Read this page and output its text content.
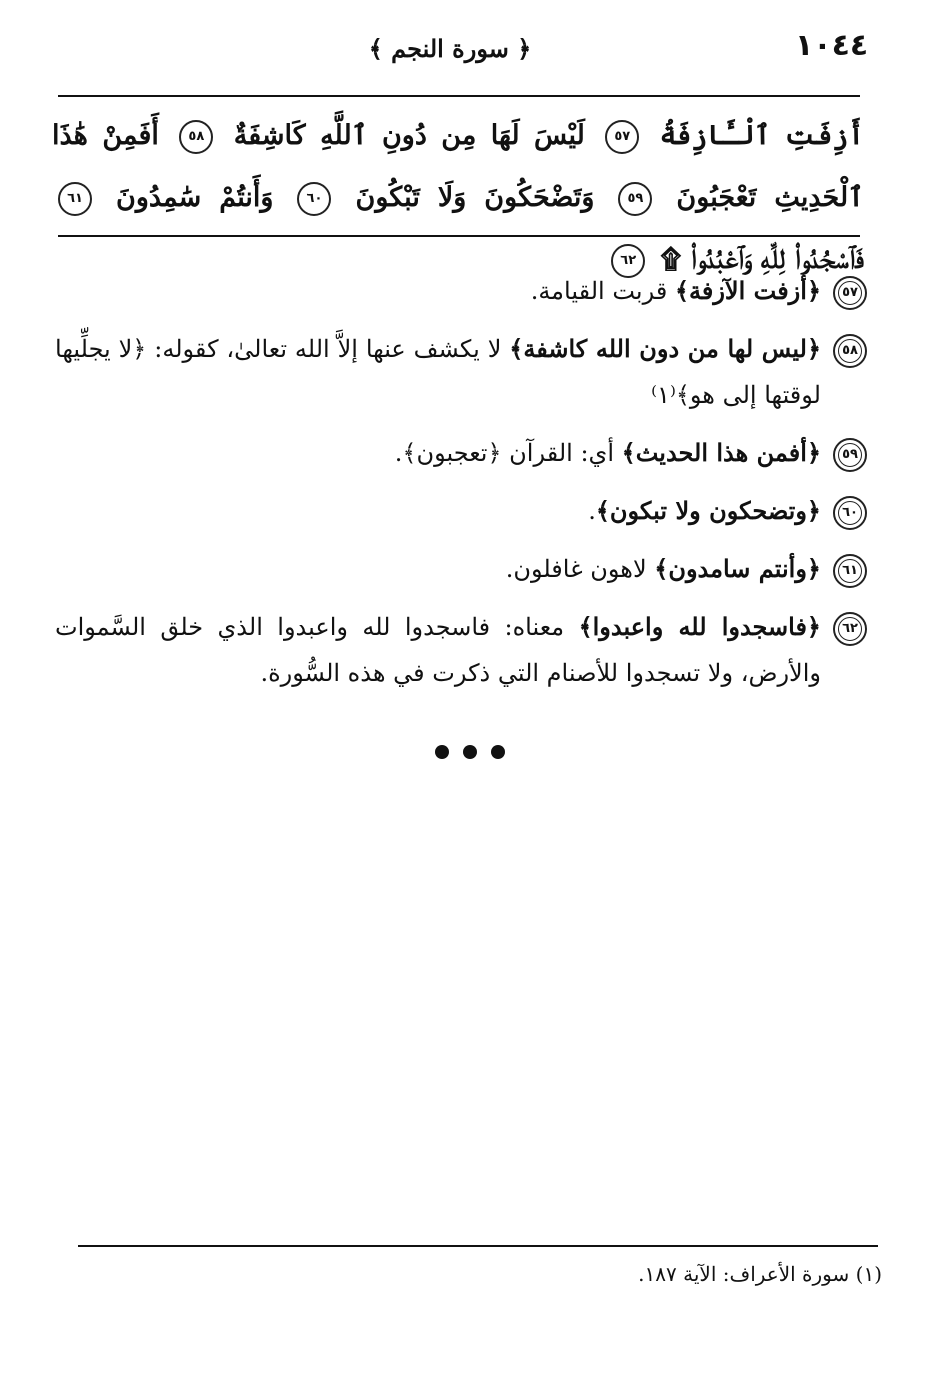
١٠٤٤
﴿ سورة النجم ﴾

أَزِفَتِ ٱلْـَٔازِفَةُ ٥٧ لَيْسَ لَهَا مِن دُونِ ٱللَّهِ كَاشِفَةٌ ٥٨ أَفَمِنْ هَٰذَا ٱلْحَدِيثِ تَعْجَبُونَ ٥٩ وَتَضْحَكُونَ وَلَا تَبْكُونَ ٦٠ وَأَنتُمْ سَٰمِدُونَ ٦١ فَٱسْجُدُوا۟ لِلَّهِ وَٱعْبُدُوا۟ ۩ ٦٢

٥٧
﴿أزفت الآزفة﴾ قربت القيامة.
٥٨
﴿ليس لها من دون الله كاشفة﴾ لا يكشف عنها إلاَّ الله تعالىٰ، كقوله: ﴿لا يجلِّيها لوقتها إلى هو﴾⁽١⁾
٥٩
﴿أفمن هذا الحديث﴾ أي: القرآن ﴿تعجبون﴾.
٦٠
﴿وتضحكون ولا تبكون﴾.
٦١
﴿وأنتم سامدون﴾ لاهون غافلون.
٦٢
﴿فاسجدوا لله واعبدوا﴾ معناه: فاسجدوا لله واعبدوا الذي خلق السَّموات والأرض، ولا تسجدوا للأصنام التي ذكرت في هذه السُّورة.
(١) سورة الأعراف: الآية ١٨٧.
